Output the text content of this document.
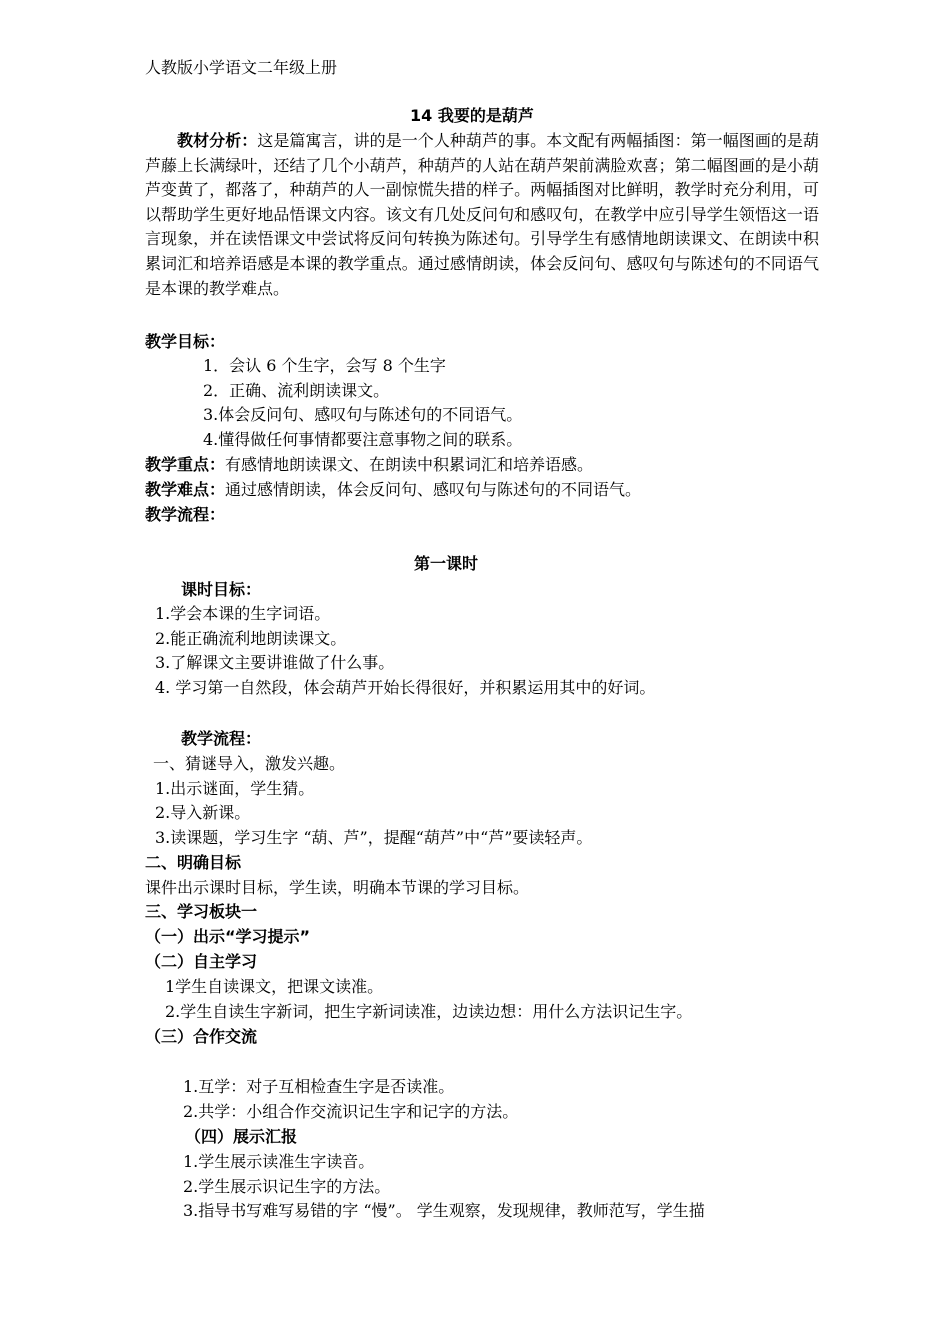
人教版小学语文二年级上册
14 我要的是葫芦
教材分析：这是篇寓言，讲的是一个人种葫芦的事。本文配有两幅插图：第一幅图画的是葫芦藤上长满绿叶，还结了几个小葫芦，种葫芦的人站在葫芦架前满脸欢喜；第二幅图画的是小葫芦变黄了，都落了，种葫芦的人一副惊慌失措的样子。两幅插图对比鲜明，教学时充分利用，可以帮助学生更好地品悟课文内容。该文有几处反问句和感叹句，在教学中应引导学生领悟这一语言现象，并在读悟课文中尝试将反问句转换为陈述句。引导学生有感情地朗读课文、在朗读中积累词汇和培养语感是本课的教学重点。通过感情朗读，体会反问句、感叹句与陈述句的不同语气是本课的教学难点。
教学目标：
1．会认 6 个生字，会写 8 个生字
2．正确、流利朗读课文。
3.体会反问句、感叹句与陈述句的不同语气。
4.懂得做任何事情都要注意事物之间的联系。
教学重点：有感情地朗读课文、在朗读中积累词汇和培养语感。
教学难点：通过感情朗读，体会反问句、感叹句与陈述句的不同语气。
教学流程：
第一课时
课时目标：
1.学会本课的生字词语。
2.能正确流利地朗读课文。
3.了解课文主要讲谁做了什么事。
4. 学习第一自然段，体会葫芦开始长得很好，并积累运用其中的好词。
教学流程：
一、猜谜导入，激发兴趣。
1.出示谜面，学生猜。
2.导入新课。
3.读课题，学习生字 “葫、芦”，提醒“葫芦”中“芦”要读轻声。
二、明确目标
课件出示课时目标，学生读，明确本节课的学习目标。
三、学习板块一
（一）出示“学习提示”
（二）自主学习
1学生自读课文，把课文读准。
2.学生自读生字新词，把生字新词读准，边读边想：用什么方法识记生字。
（三）合作交流
1.互学：对子互相检查生字是否读准。
2.共学：小组合作交流识记生字和记字的方法。
（四）展示汇报
1.学生展示读准生字读音。
2.学生展示识记生字的方法。
3.指导书写难写易错的字 “慢”。 学生观察，发现规律，教师范写，学生描
